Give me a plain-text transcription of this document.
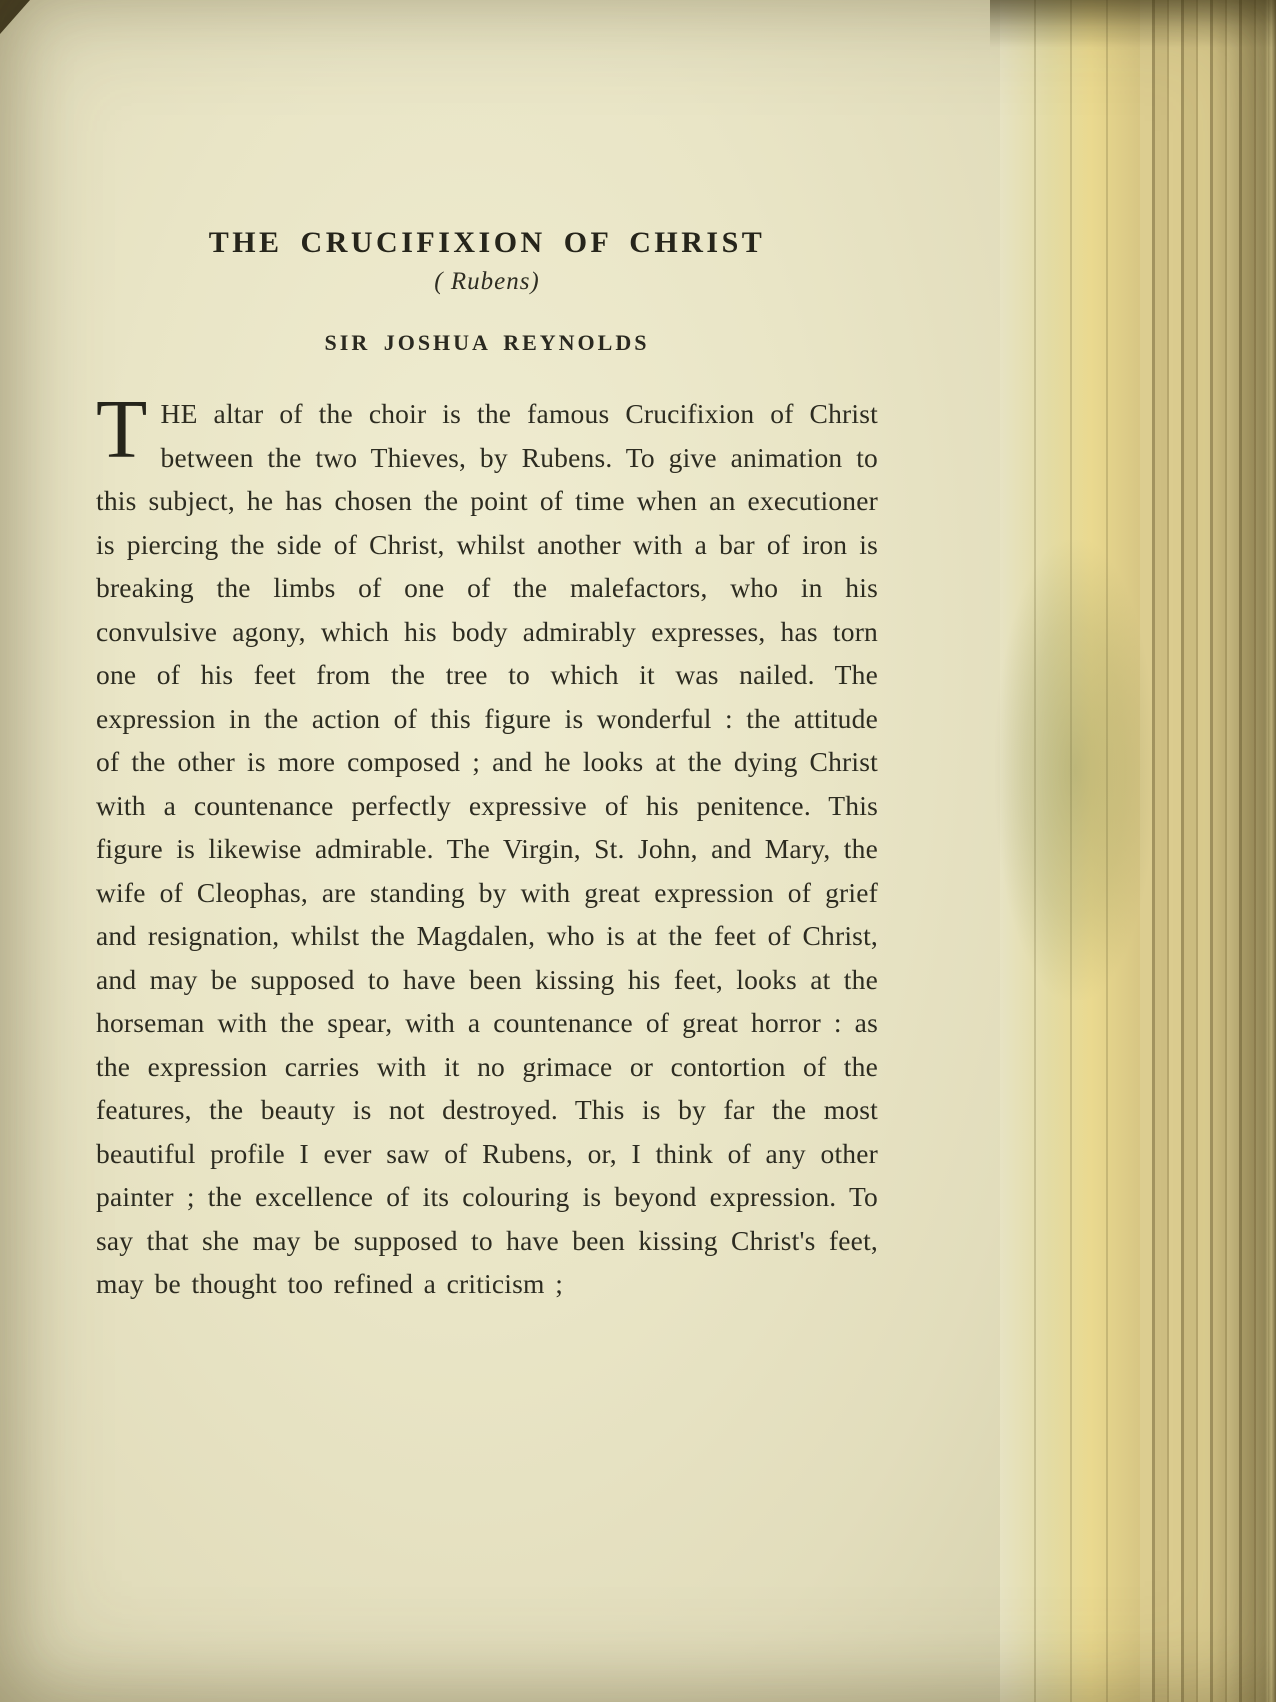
THE CRUCIFIXION OF CHRIST

( Rubens)

SIR JOSHUA REYNOLDS

THE altar of the choir is the famous Crucifixion of Christ between the two Thieves, by Rubens. To give animation to this subject, he has chosen the point of time when an executioner is piercing the side of Christ, whilst another with a bar of iron is breaking the limbs of one of the malefactors, who in his convulsive agony, which his body admirably expresses, has torn one of his feet from the tree to which it was nailed. The expression in the action of this figure is wonderful : the attitude of the other is more composed ; and he looks at the dying Christ with a countenance perfectly expressive of his penitence. This figure is likewise admirable. The Virgin, St. John, and Mary, the wife of Cleophas, are standing by with great expression of grief and resignation, whilst the Magdalen, who is at the feet of Christ, and may be supposed to have been kissing his feet, looks at the horseman with the spear, with a countenance of great horror : as the expression carries with it no grimace or contortion of the features, the beauty is not destroyed. This is by far the most beautiful profile I ever saw of Rubens, or, I think of any other painter ; the excellence of its colouring is beyond expression. To say that she may be supposed to have been kissing Christ's feet, may be thought too refined a criticism ;
